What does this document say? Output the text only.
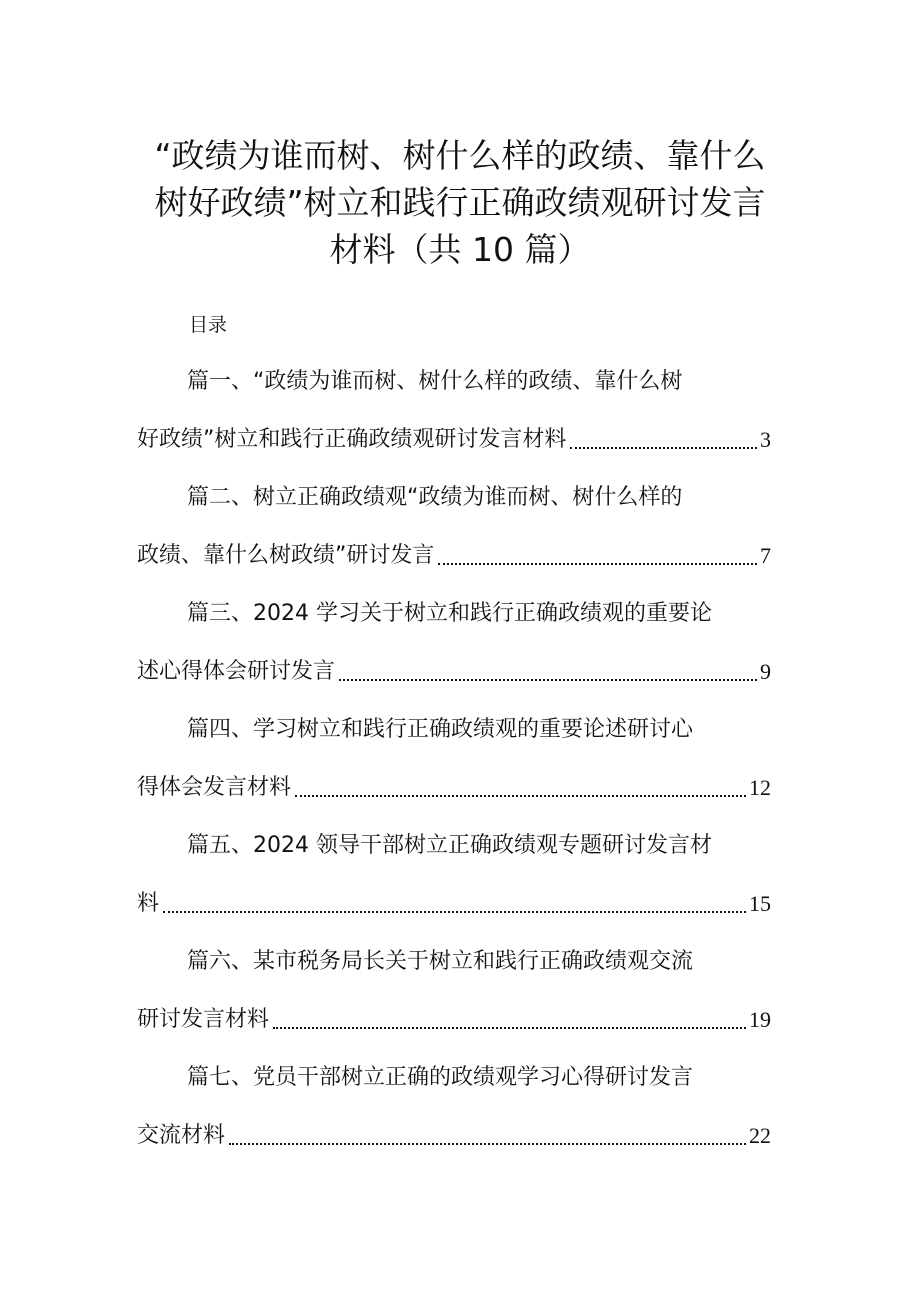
“政绩为谁而树、树什么样的政绩、靠什么
树好政绩”树立和践行正确政绩观研讨发言
材料（共 10 篇）
目录
篇一、“政绩为谁而树、树什么样的政绩、靠什么树
好政绩”树立和践行正确政绩观研讨发言材料	3
篇二、树立正确政绩观“政绩为谁而树、树什么样的
政绩、靠什么树政绩”研讨发言	7
篇三、2024 学习关于树立和践行正确政绩观的重要论
述心得体会研讨发言	9
篇四、学习树立和践行正确政绩观的重要论述研讨心
得体会发言材料	12
篇五、2024 领导干部树立正确政绩观专题研讨发言材
料	15
篇六、某市税务局长关于树立和践行正确政绩观交流
研讨发言材料	19
篇七、党员干部树立正确的政绩观学习心得研讨发言
交流材料	22
